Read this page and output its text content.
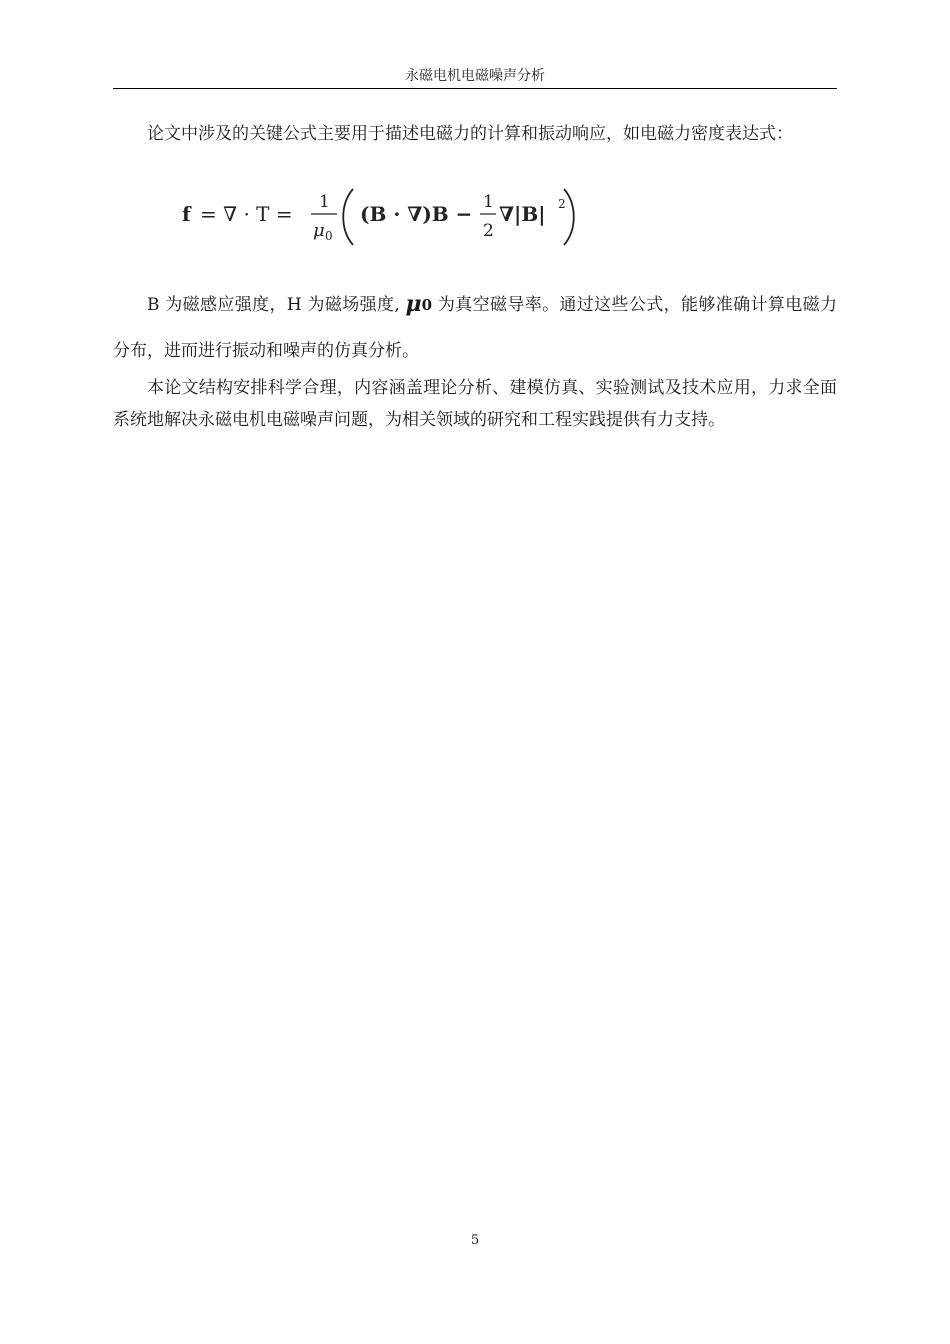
永磁电机电磁噪声分析

论文中涉及的关键公式主要用于描述电磁力的计算和振动响应，如电磁力密度表达式：

f = ∇ · T = 1
μ 0
(B · ∇)B − 1
2
∇|B| 2

B 为磁感应强度，H 为磁场强度, μ0 为真空磁导率。通过这些公式，能够准确计算电磁力分布，进而进行振动和噪声的仿真分析。

本论文结构安排科学合理，内容涵盖理论分析、建模仿真、实验测试及技术应用，力求全面系统地解决永磁电机电磁噪声问题，为相关领域的研究和工程实践提供有力支持。

5
